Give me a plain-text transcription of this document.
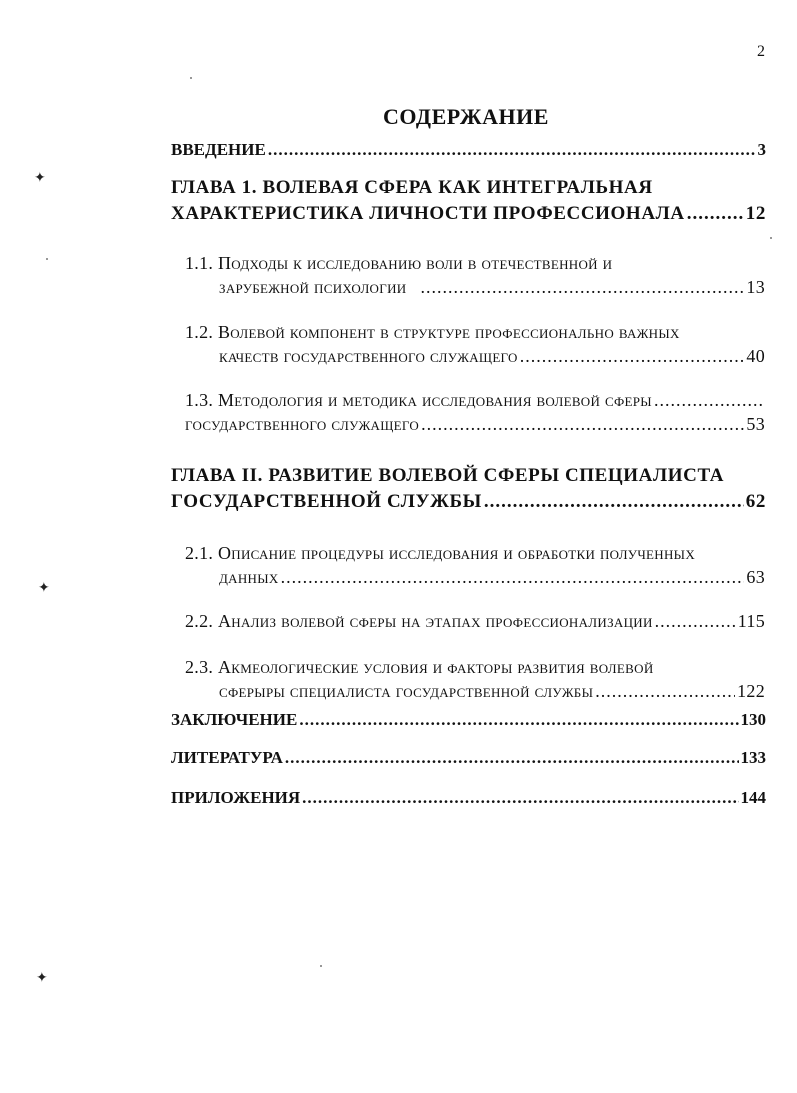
2
СОДЕРЖАНИЕ
ВВЕДЕНИЕ .....	3
ГЛАВА 1. ВОЛЕВАЯ СФЕРА КАК ИНТЕГРАЛЬНАЯ
ХАРАКТЕРИСТИКА ЛИЧНОСТИ ПРОФЕССИОНАЛА .....	12
1.1. Подходы к исследованию воли в отечественной и
зарубежной психологии .....	13
1.2. Волевой компонент в структуре профессионально важных
качеств государственного служащего .....	40
1.3. Методология и методика исследования волевой сферы
.....
государственного служащего .....	53
ГЛАВА II. РАЗВИТИЕ ВОЛЕВОЙ СФЕРЫ СПЕЦИАЛИСТА
ГОСУДАРСТВЕННОЙ СЛУЖБЫ .....	62
2.1. Описание процедуры исследования и обработки полученных
данных .....	63
2.2. Анализ волевой сферы на этапах профессионализации .....	115
2.3. Акмеологические условия и факторы развития волевой
сферыры специалиста государственной службы .....	122
ЗАКЛЮЧЕНИЕ .....	130
ЛИТЕРАТУРА .....	133
ПРИЛОЖЕНИЯ .....	144
✦
✦
✦
